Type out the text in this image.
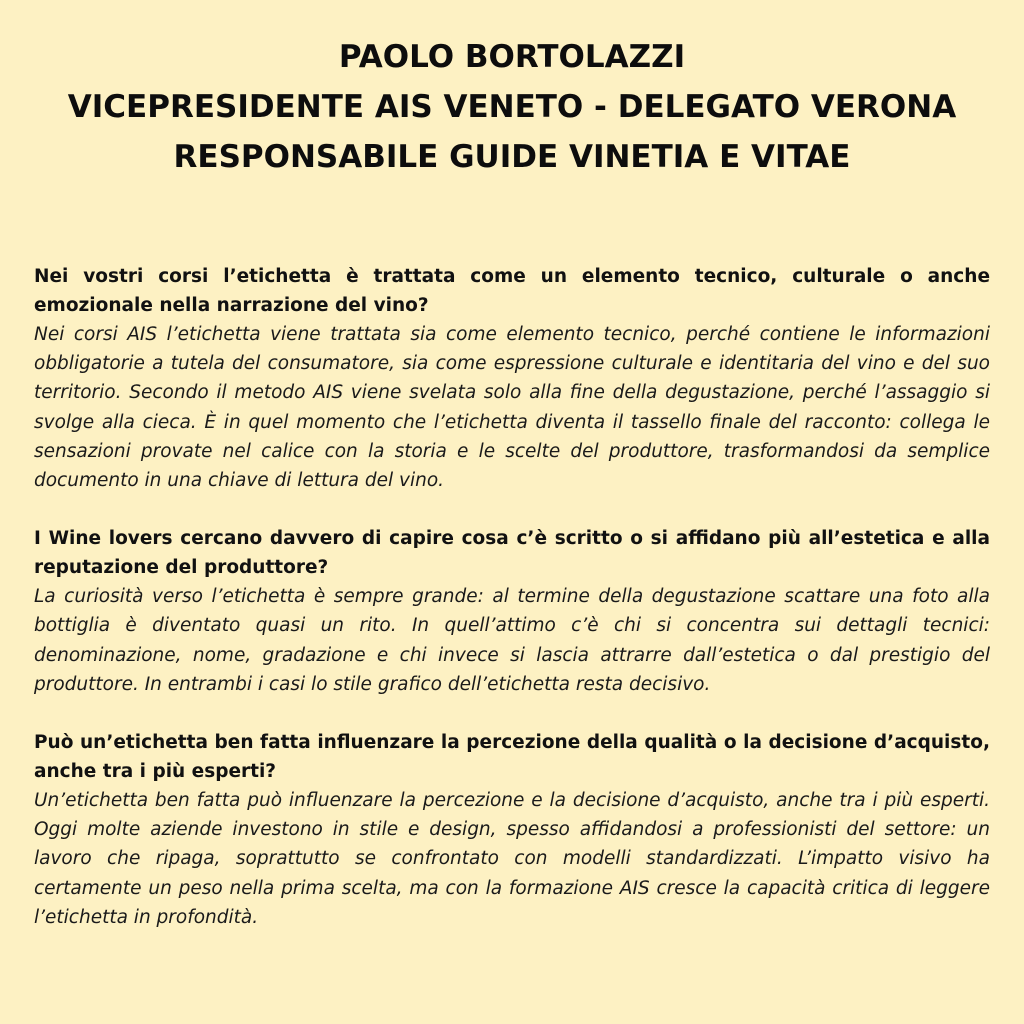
PAOLO BORTOLAZZI
VICEPRESIDENTE AIS VENETO - DELEGATO VERONA
RESPONSABILE GUIDE VINETIA E VITAE

Nei vostri corsi l’etichetta è trattata come un elemento tecnico, culturale o anche emozionale nella narrazione del vino?

Nei corsi AIS l’etichetta viene trattata sia come elemento tecnico, perché contiene le informazioni obbligatorie a tutela del consumatore, sia come espressione culturale e identitaria del vino e del suo territorio. Secondo il metodo AIS viene svelata solo alla fine della degustazione, perché l’assaggio si svolge alla cieca. È in quel momento che l’etichetta diventa il tassello finale del racconto: collega le sensazioni provate nel calice con la storia e le scelte del produttore, trasformandosi da semplice documento in una chiave di lettura del vino.

I Wine lovers cercano davvero di capire cosa c’è scritto o si affidano più all’estetica e alla reputazione del produttore?

La curiosità verso l’etichetta è sempre grande: al termine della degustazione scattare una foto alla bottiglia è diventato quasi un rito. In quell’attimo c’è chi si concentra sui dettagli tecnici: denominazione, nome, gradazione e chi invece si lascia attrarre dall’estetica o dal prestigio del produttore. In entrambi i casi lo stile grafico dell’etichetta resta decisivo.

Può un’etichetta ben fatta influenzare la percezione della qualità o la decisione d’acquisto, anche tra i più esperti?

Un’etichetta ben fatta può influenzare la percezione e la decisione d’acquisto, anche tra i più esperti. Oggi molte aziende investono in stile e design, spesso affidandosi a professionisti del settore: un lavoro che ripaga, soprattutto se confrontato con modelli standardizzati. L’impatto visivo ha certamente un peso nella prima scelta, ma con la formazione AIS cresce la capacità critica di leggere l’etichetta in profondità.
